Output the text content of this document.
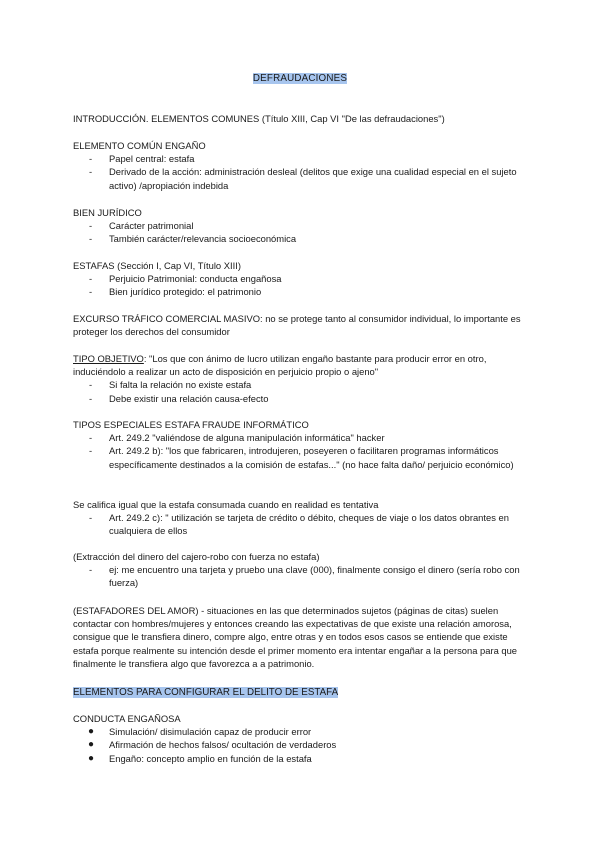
DEFRAUDACIONES
INTRODUCCIÓN. ELEMENTOS COMUNES (Título XIII, Cap VI "De las defraudaciones")
ELEMENTO COMÚN ENGAÑO
- Papel central: estafa
- Derivado de la acción: administración desleal (delitos que exige una cualidad especial en el sujeto activo) /apropiación indebida
BIEN JURÍDICO
- Carácter patrimonial
- También carácter/relevancia socioeconómica
ESTAFAS (Sección I, Cap VI, Título XIII)
- Perjuicio Patrimonial: conducta engañosa
- Bien jurídico protegido: el patrimonio
EXCURSO TRÁFICO COMERCIAL MASIVO: no se protege tanto al consumidor individual, lo importante es proteger los derechos del consumidor
TIPO OBJETIVO: "Los que con ánimo de lucro utilizan engaño bastante para producir error en otro, induciéndolo a realizar un acto de disposición en perjuicio propio o ajeno"
- Si falta la relación no existe estafa
- Debe existir una relación causa-efecto
TIPOS ESPECIALES ESTAFA FRAUDE INFORMÁTICO
- Art. 249.2 "valiéndose de alguna manipulación informática" hacker
- Art. 249.2 b): "los que fabricaren, introdujeren, poseyeren o facilitaren programas informáticos específicamente destinados a la comisión de estafas..." (no hace falta daño/ perjuicio económico)
Se califica igual que la estafa consumada cuando en realidad es tentativa
- Art. 249.2 c): " utilización se tarjeta de crédito o débito, cheques de viaje o los datos obrantes en cualquiera de ellos
(Extracción del dinero del cajero-robo con fuerza no estafa)
- ej: me encuentro una tarjeta y pruebo una clave (000), finalmente consigo el dinero (sería robo con fuerza)
(ESTAFADORES DEL AMOR) - situaciones en las que determinados sujetos (páginas de citas) suelen contactar con hombres/mujeres y entonces creando las expectativas de que existe una relación amorosa, consigue que le transfiera dinero, compre algo, entre otras y en todos esos casos se entiende que existe estafa porque realmente su intención desde el primer momento era intentar engañar a la persona para que finalmente le transfiera algo que favorezca a a patrimonio.
ELEMENTOS PARA CONFIGURAR EL DELITO DE ESTAFA
CONDUCTA ENGAÑOSA
● Simulación/ disimulación capaz de producir error
● Afirmación de hechos falsos/ ocultación de verdaderos
● Engaño: concepto amplio en función de la estafa
